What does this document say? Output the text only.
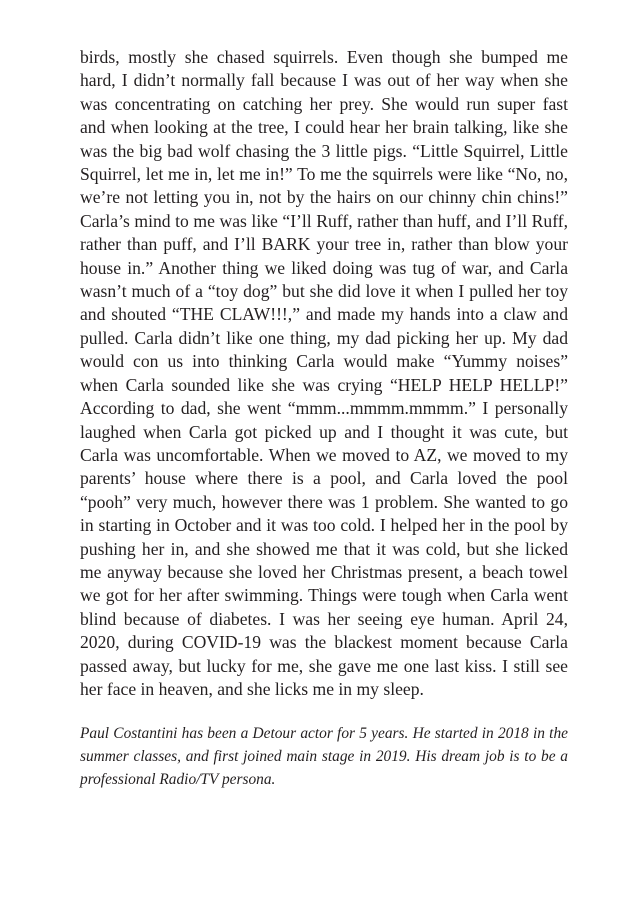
birds, mostly she chased squirrels. Even though she bumped me hard, I didn’t normally fall because I was out of her way when she was concentrating on catching her prey. She would run super fast and when looking at the tree, I could hear her brain talking, like she was the big bad wolf chasing the 3 little pigs. “Little Squirrel, Little Squirrel, let me in, let me in!” To me the squirrels were like “No, no, we’re not letting you in, not by the hairs on our chinny chin chins!” Carla’s mind to me was like “I’ll Ruff, rather than huff, and I’ll Ruff, rather than puff, and I’ll BARK your tree in, rather than blow your house in.” Another thing we liked doing was tug of war, and Carla wasn’t much of a “toy dog” but she did love it when I pulled her toy and shouted “THE CLAW!!!,” and made my hands into a claw and pulled. Carla didn’t like one thing, my dad picking her up. My dad would con us into thinking Carla would make “Yummy noises” when Carla sounded like she was crying “HELP HELP HELLP!” According to dad, she went “mmm...mmmm.mmmm.” I personally laughed when Carla got picked up and I thought it was cute, but Carla was uncomfortable. When we moved to AZ, we moved to my parents’ house where there is a pool, and Carla loved the pool “pooh” very much, however there was 1 problem. She wanted to go in starting in October and it was too cold. I helped her in the pool by pushing her in, and she showed me that it was cold, but she licked me anyway because she loved her Christmas present, a beach towel we got for her after swimming. Things were tough when Carla went blind because of diabetes. I was her seeing eye human. April 24, 2020, during COVID-19 was the blackest moment because Carla passed away, but lucky for me, she gave me one last kiss. I still see her face in heaven, and she licks me in my sleep.

Paul Costantini has been a Detour actor for 5 years. He started in 2018 in the summer classes, and first joined main stage in 2019. His dream job is to be a professional Radio/TV persona.
